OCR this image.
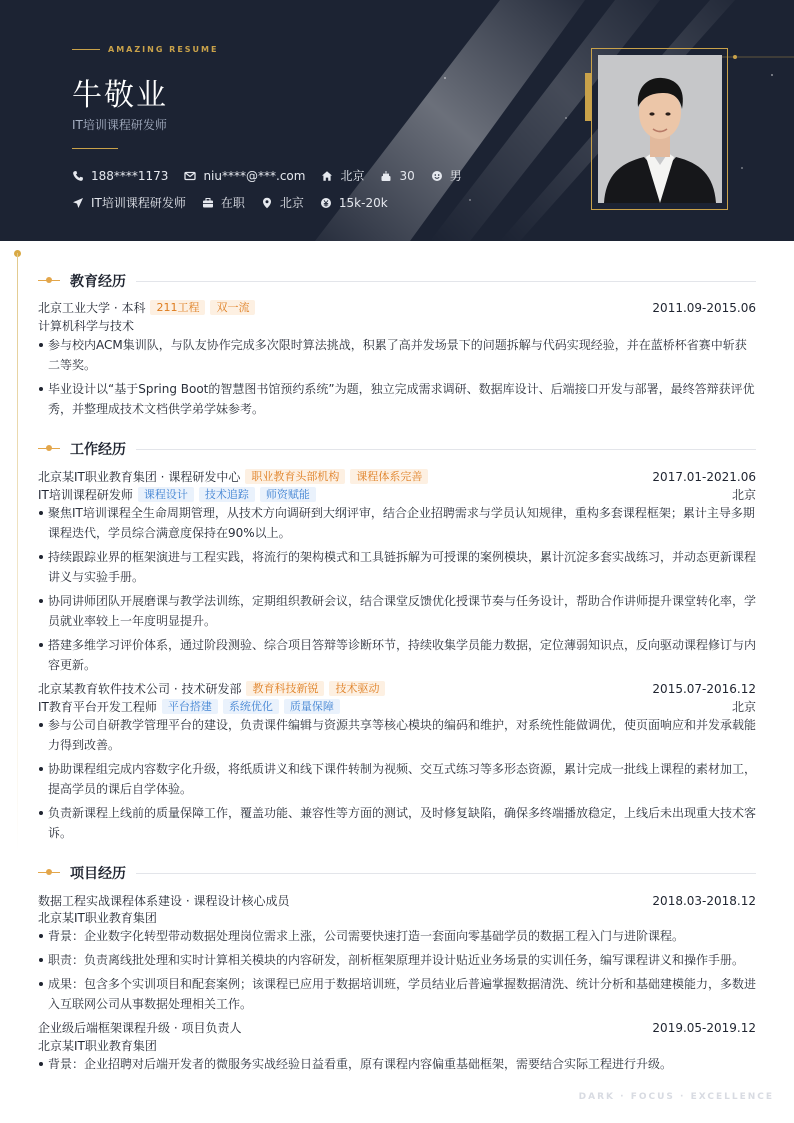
AMAZING RESUME
牛敬业
IT培训课程研发师
188****1173	niu****@***.com	北京	30	男
IT培训课程研发师	在职	北京	15k-20k
教育经历
北京工业大学 · 本科	211工程	双一流	2011.09-2015.06
计算机科学与技术
参与校内ACM集训队，与队友协作完成多次限时算法挑战，积累了高并发场景下的问题拆解与代码实现经验，并在蓝桥杯省赛中斩获二等奖。
毕业设计以“基于Spring Boot的智慧图书馆预约系统”为题，独立完成需求调研、数据库设计、后端接口开发与部署，最终答辩获评优秀，并整理成技术文档供学弟学妹参考。
工作经历
北京某IT职业教育集团 · 课程研发中心	职业教育头部机构	课程体系完善	2017.01-2021.06
IT培训课程研发师	课程设计	技术追踪	师资赋能	北京
聚焦IT培训课程全生命周期管理，从技术方向调研到大纲评审，结合企业招聘需求与学员认知规律，重构多套课程框架；累计主导多期课程迭代，学员综合满意度保持在90%以上。
持续跟踪业界的框架演进与工程实践，将流行的架构模式和工具链拆解为可授课的案例模块，累计沉淀多套实战练习，并动态更新课程讲义与实验手册。
协同讲师团队开展磨课与教学法训练，定期组织教研会议，结合课堂反馈优化授课节奏与任务设计，帮助合作讲师提升课堂转化率，学员就业率较上一年度明显提升。
搭建多维学习评价体系，通过阶段测验、综合项目答辩等诊断环节，持续收集学员能力数据，定位薄弱知识点，反向驱动课程修订与内容更新。
北京某教育软件技术公司 · 技术研发部	教育科技新锐	技术驱动	2015.07-2016.12
IT教育平台开发工程师	平台搭建	系统优化	质量保障	北京
参与公司自研教学管理平台的建设，负责课件编辑与资源共享等核心模块的编码和维护，对系统性能做调优，使页面响应和并发承载能力得到改善。
协助课程组完成内容数字化升级，将纸质讲义和线下课件转制为视频、交互式练习等多形态资源，累计完成一批线上课程的素材加工，提高学员的课后自学体验。
负责新课程上线前的质量保障工作，覆盖功能、兼容性等方面的测试，及时修复缺陷，确保多终端播放稳定，上线后未出现重大技术客诉。
项目经历
数据工程实战课程体系建设 · 课程设计核心成员	2018.03-2018.12
北京某IT职业教育集团
背景：企业数字化转型带动数据处理岗位需求上涨，公司需要快速打造一套面向零基础学员的数据工程入门与进阶课程。
职责：负责离线批处理和实时计算相关模块的内容研发，剖析框架原理并设计贴近业务场景的实训任务，编写课程讲义和操作手册。
成果：包含多个实训项目和配套案例；该课程已应用于数据培训班，学员结业后普遍掌握数据清洗、统计分析和基础建模能力，多数进入互联网公司从事数据处理相关工作。
企业级后端框架课程升级 · 项目负责人	2019.05-2019.12
北京某IT职业教育集团
背景：企业招聘对后端开发者的微服务实战经验日益看重，原有课程内容偏重基础框架，需要结合实际工程进行升级。
DARK · FOCUS · EXCELLENCE
